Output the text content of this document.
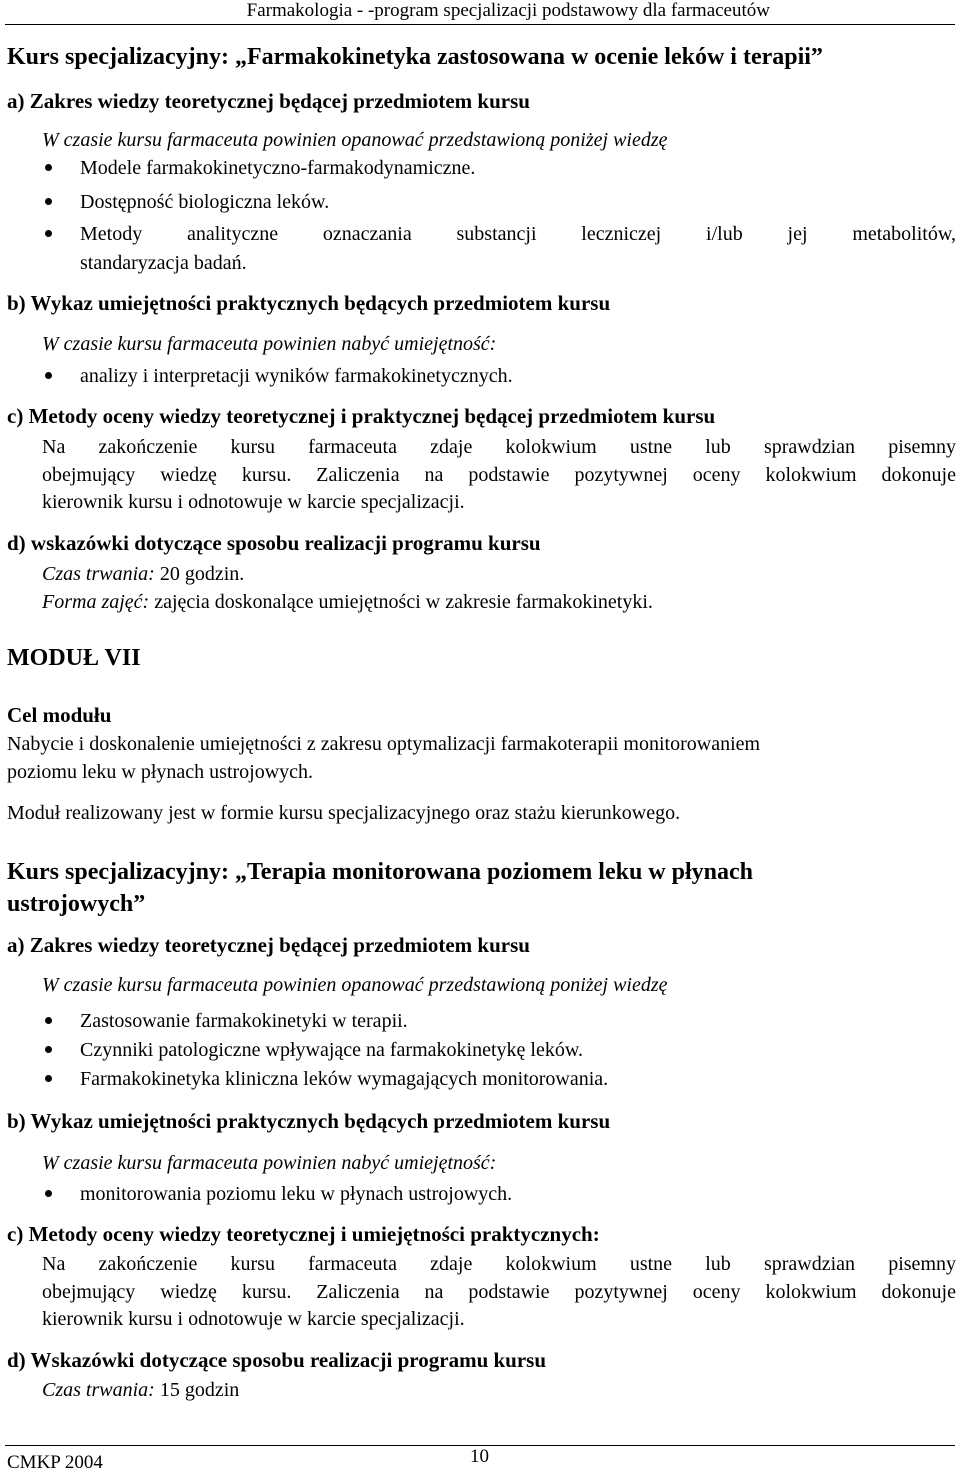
Farmakologia - -program specjalizacji podstawowy dla farmaceutów
Kurs specjalizacyjny: „Farmakokinetyka zastosowana w ocenie leków i terapii”
a) Zakres wiedzy teoretycznej będącej przedmiotem kursu
W czasie kursu farmaceuta powinien opanować przedstawioną poniżej wiedzę
Modele farmakokinetyczno-farmakodynamiczne.
Dostępność biologiczna leków.
Metody analityczne oznaczania substancji leczniczej i/lub jej metabolitów,
standaryzacja badań.
b) Wykaz umiejętności praktycznych będących przedmiotem kursu
W czasie kursu farmaceuta powinien nabyć umiejętność:
analizy i interpretacji wyników farmakokinetycznych.
c) Metody oceny wiedzy teoretycznej i praktycznej będącej przedmiotem kursu
Na zakończenie kursu farmaceuta zdaje kolokwium ustne lub sprawdzian pisemny
obejmujący wiedzę kursu. Zaliczenia na podstawie pozytywnej oceny kolokwium dokonuje
kierownik kursu i odnotowuje w karcie specjalizacji.
d) wskazówki dotyczące sposobu realizacji programu kursu
Czas trwania: 20 godzin.
Forma zajęć: zajęcia doskonalące umiejętności w zakresie farmakokinetyki.
MODUŁ VII
Cel modułu
Nabycie i doskonalenie umiejętności z zakresu optymalizacji farmakoterapii monitorowaniem
poziomu leku w płynach ustrojowych.
Moduł realizowany jest w formie kursu specjalizacyjnego oraz stażu kierunkowego.
Kurs specjalizacyjny: „Terapia monitorowana poziomem leku w płynach
ustrojowych”
a) Zakres wiedzy teoretycznej będącej przedmiotem kursu
W czasie kursu farmaceuta powinien opanować przedstawioną poniżej wiedzę
Zastosowanie farmakokinetyki w terapii.
Czynniki patologiczne wpływające na farmakokinetykę leków.
Farmakokinetyka kliniczna leków wymagających monitorowania.
b) Wykaz umiejętności praktycznych będących przedmiotem kursu
W czasie kursu farmaceuta powinien nabyć umiejętność:
monitorowania poziomu leku w płynach ustrojowych.
c) Metody oceny wiedzy teoretycznej i umiejętności praktycznych:
Na zakończenie kursu farmaceuta zdaje kolokwium ustne lub sprawdzian pisemny
obejmujący wiedzę kursu. Zaliczenia na podstawie pozytywnej oceny kolokwium dokonuje
kierownik kursu i odnotowuje w karcie specjalizacji.
d) Wskazówki dotyczące sposobu realizacji programu kursu
Czas trwania: 15 godzin
CMKP 2004	10
